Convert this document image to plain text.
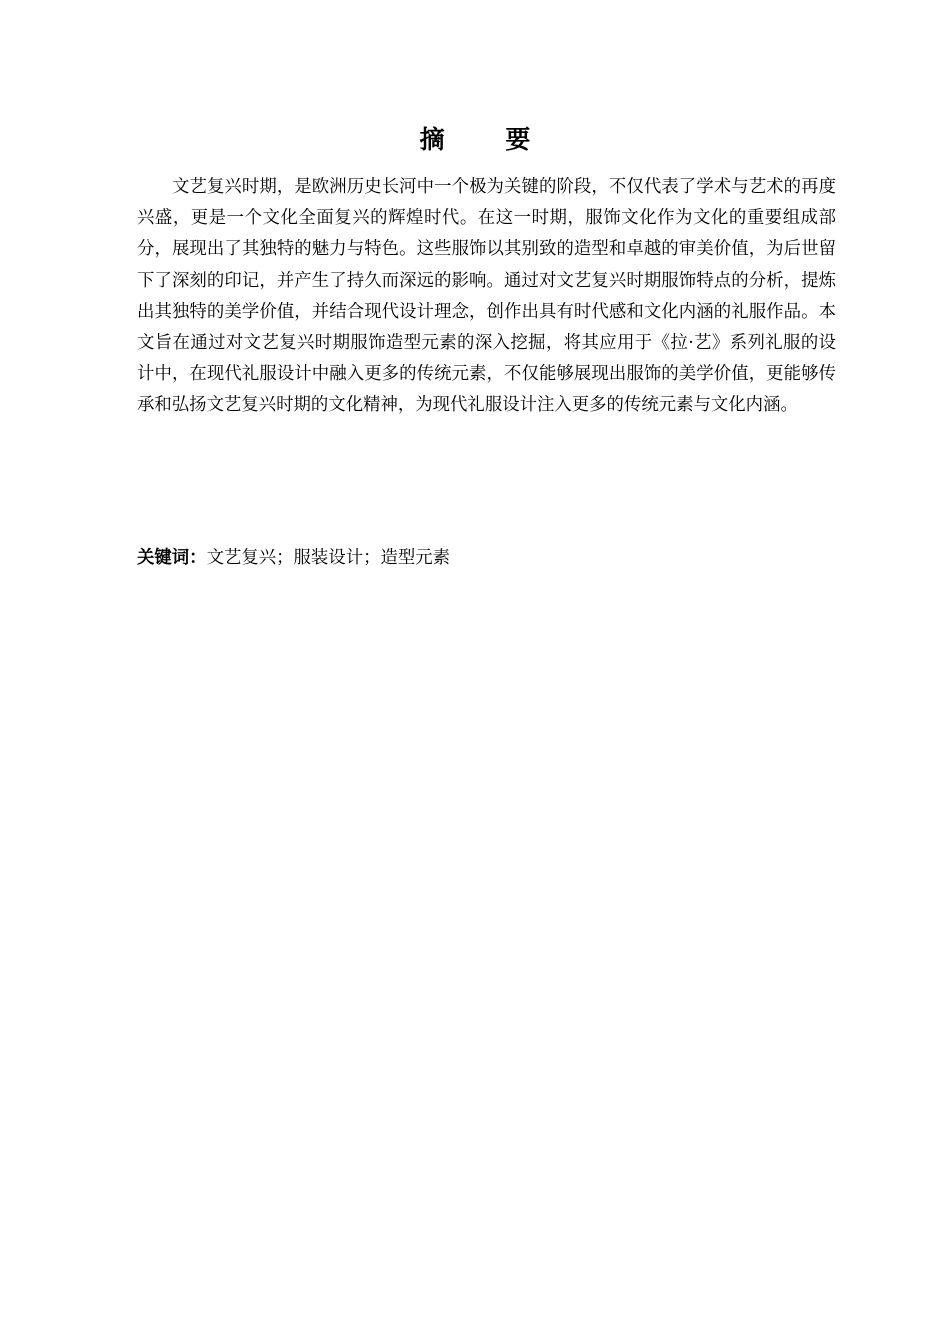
摘 要

文艺复兴时期，是欧洲历史长河中一个极为关键的阶段，不仅代表了学术与艺术的再度兴盛，更是一个文化全面复兴的辉煌时代。在这一时期，服饰文化作为文化的重要组成部分，展现出了其独特的魅力与特色。这些服饰以其别致的造型和卓越的审美价值，为后世留下了深刻的印记，并产生了持久而深远的影响。通过对文艺复兴时期服饰特点的分析，提炼出其独特的美学价值，并结合现代设计理念，创作出具有时代感和文化内涵的礼服作品。本文旨在通过对文艺复兴时期服饰造型元素的深入挖掘，将其应用于《拉·艺》系列礼服的设计中，在现代礼服设计中融入更多的传统元素，不仅能够展现出服饰的美学价值，更能够传承和弘扬文艺复兴时期的文化精神，为现代礼服设计注入更多的传统元素与文化内涵。

关键词：文艺复兴；服装设计；造型元素
